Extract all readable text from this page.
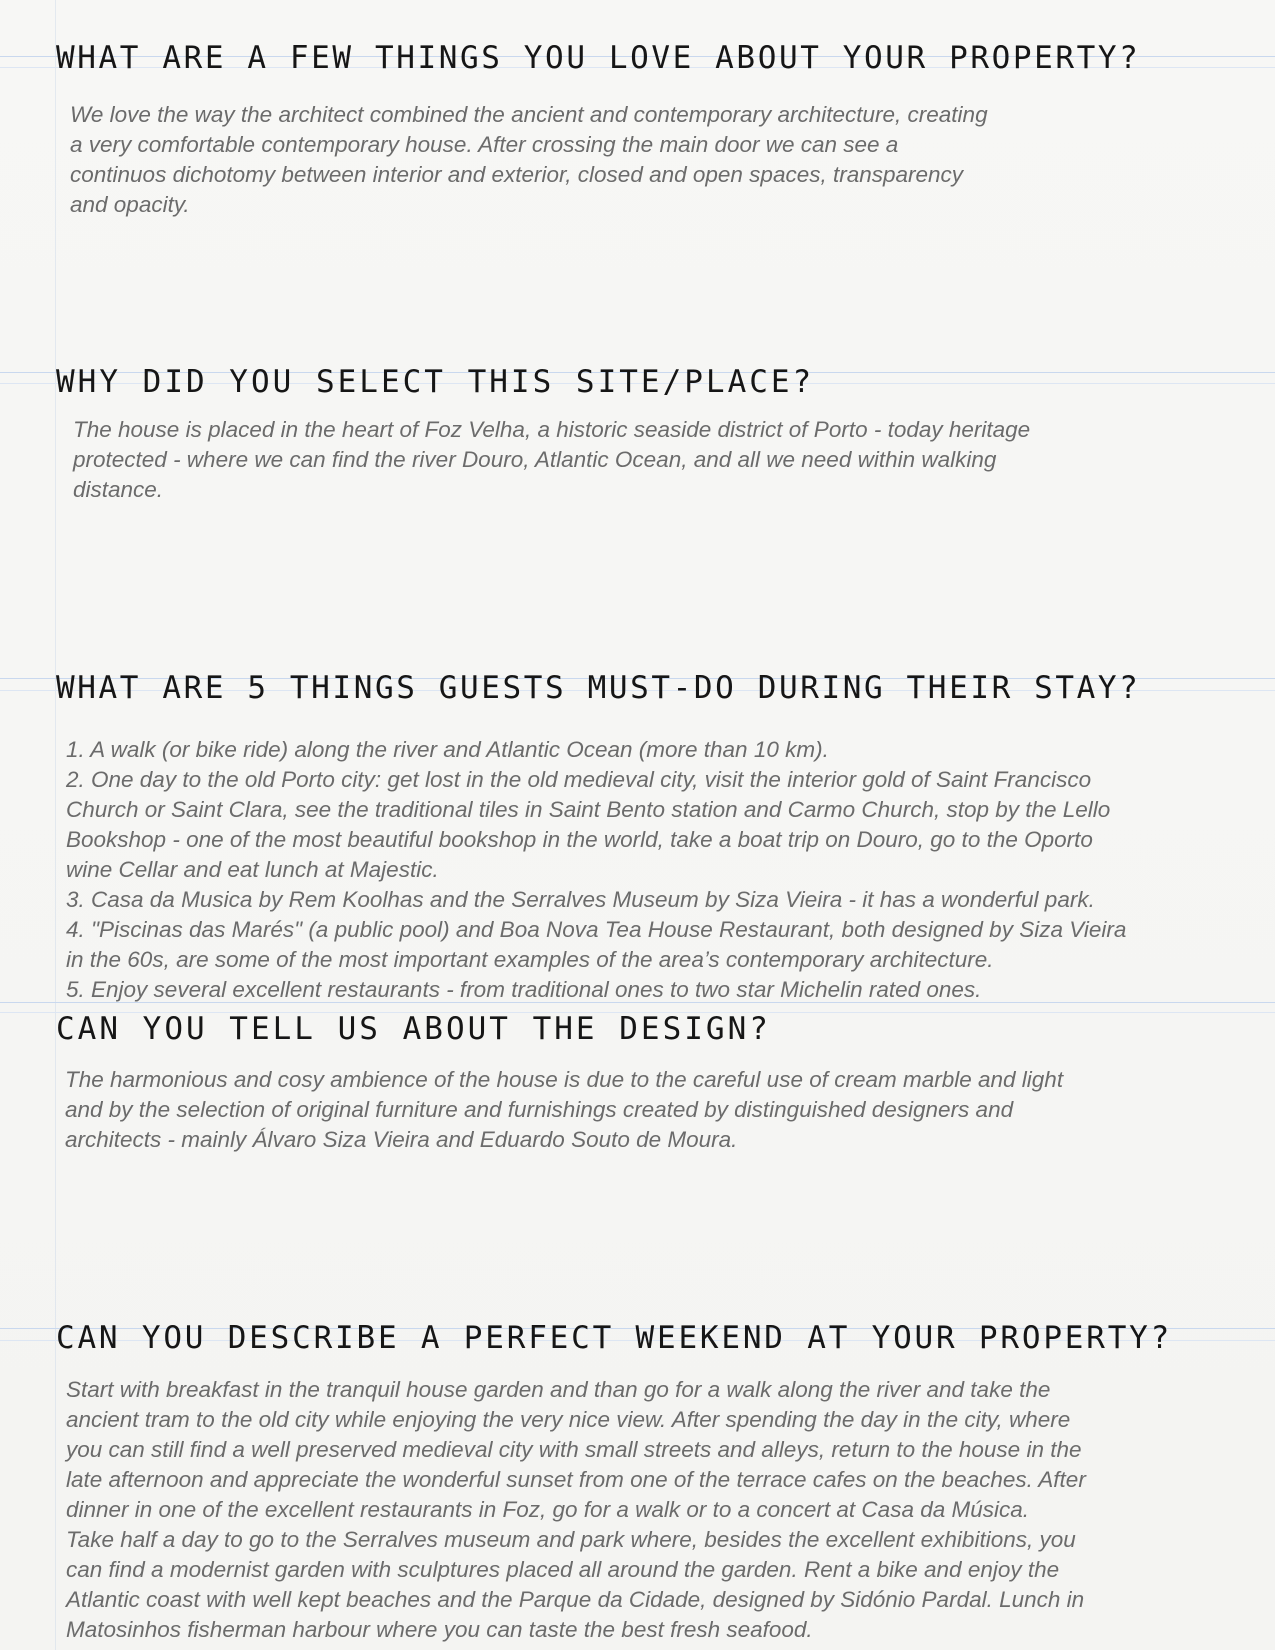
WHAT ARE A FEW THINGS YOU LOVE ABOUT YOUR PROPERTY?

We love the way the architect combined the ancient and contemporary architecture, creating

a very comfortable contemporary house. After crossing the main door we can see a

continuos dichotomy between interior and exterior, closed and open spaces, transparency

and opacity.

WHY DID YOU SELECT THIS SITE/PLACE?

The house is placed in the heart of Foz Velha, a historic seaside district of Porto - today heritage

protected - where we can find the river Douro, Atlantic Ocean, and all we need within walking

distance.

WHAT ARE 5 THINGS GUESTS MUST-DO DURING THEIR STAY?

1. A walk (or bike ride) along the river and Atlantic Ocean (more than 10 km).

2. One day to the old Porto city: get lost in the old medieval city, visit the interior gold of Saint Francisco

Church or Saint Clara, see the traditional tiles in Saint Bento station and Carmo Church, stop by the Lello

Bookshop - one of the most beautiful bookshop in the world, take a boat trip on Douro, go to the Oporto

wine Cellar and eat lunch at Majestic.

3. Casa da Musica by Rem Koolhas and the Serralves Museum by Siza Vieira - it has a wonderful park.

4. "Piscinas das Marés" (a public pool) and Boa Nova Tea House Restaurant, both designed by Siza Vieira

in the 60s, are some of the most important examples of the area’s contemporary architecture.

5. Enjoy several excellent restaurants - from traditional ones to two star Michelin rated ones.

CAN YOU TELL US ABOUT THE DESIGN?

The harmonious and cosy ambience of the house is due to the careful use of cream marble and light

and by the selection of original furniture and furnishings created by distinguished designers and

architects - mainly Álvaro Siza Vieira and Eduardo Souto de Moura.

CAN YOU DESCRIBE A PERFECT WEEKEND AT YOUR PROPERTY?

Start with breakfast in the tranquil house garden and than go for a walk along the river and take the

ancient tram to the old city while enjoying the very nice view. After spending the day in the city, where

you can still find a well preserved medieval city with small streets and alleys, return to the house in the

late afternoon and appreciate the wonderful sunset from one of the terrace cafes on the beaches. After

dinner in one of the excellent restaurants in Foz, go for a walk or to a concert at Casa da Música.

Take half a day to go to the Serralves museum and park where, besides the excellent exhibitions, you

can find a modernist garden with sculptures placed all around the garden. Rent a bike and enjoy the

Atlantic coast with well kept beaches and the Parque da Cidade, designed by Sidónio Pardal. Lunch in

Matosinhos fisherman harbour where you can taste the best fresh seafood.
